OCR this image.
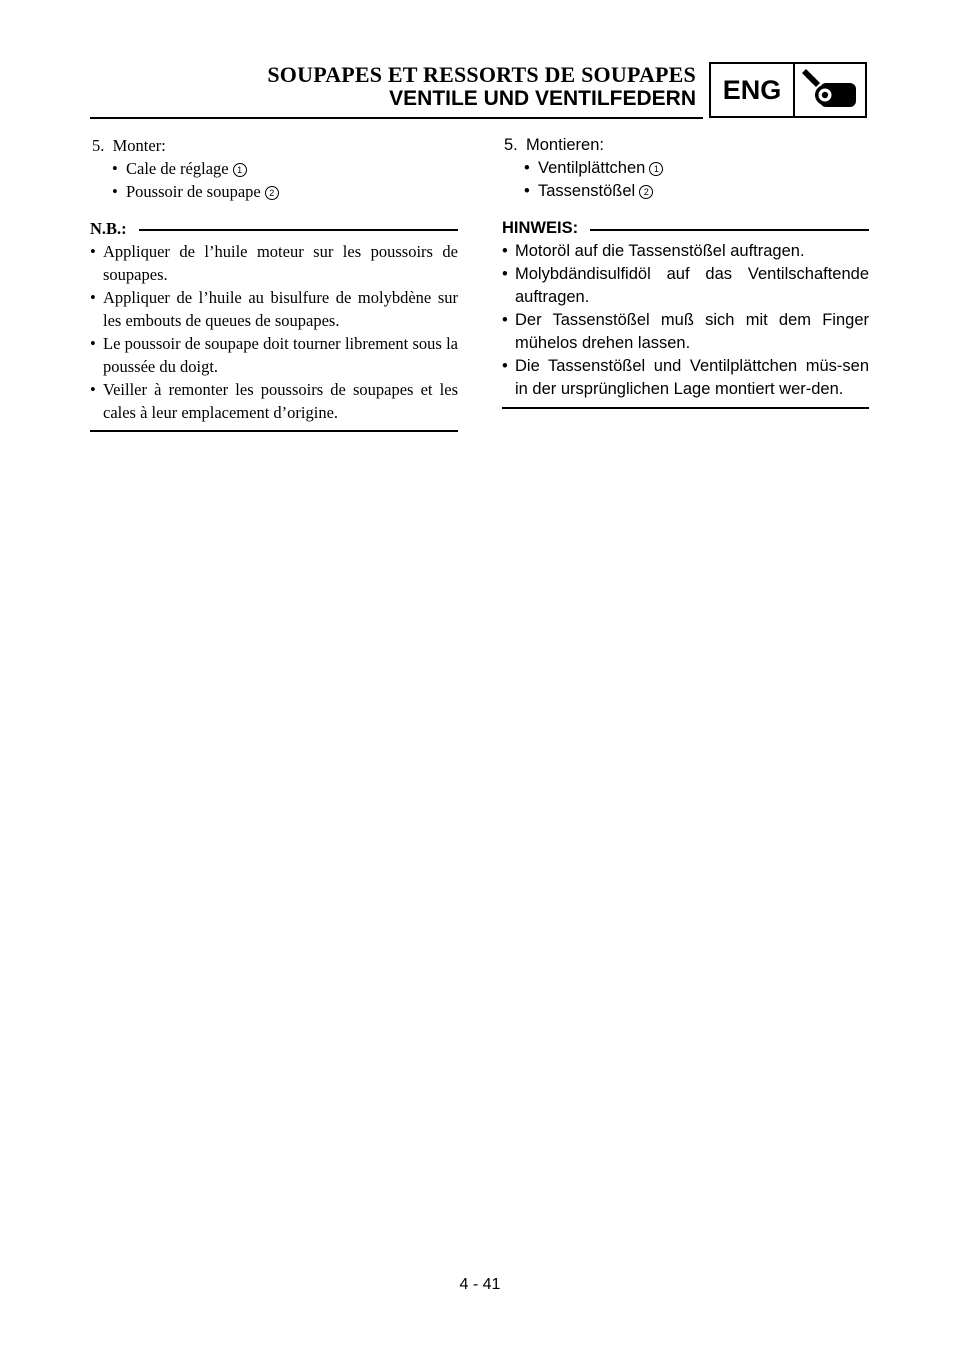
SOUPAPES ET RESSORTS DE SOUPAPES
VENTILE UND VENTILFEDERN ENG

5. Monter:

• Cale de réglage 1

• Poussoir de soupape 2

N.B.:

• Appliquer de l’huile moteur sur les poussoirs de soupapes.

• Appliquer de l’huile au bisulfure de molybdène sur les embouts de queues de soupapes.

• Le poussoir de soupape doit tourner librement sous la poussée du doigt.

• Veiller à remonter les poussoirs de soupapes et les cales à leur emplacement d’origine.

5. Montieren:

• Ventilplättchen 1

• Tassenstößel 2

HINWEIS:

• Motoröl auf die Tassenstößel auftragen.

• Molybdändisulfidöl auf das Ventilschaftende auftragen.

• Der Tassenstößel muß sich mit dem Finger mühelos drehen lassen.

• Die Tassenstößel und Ventilplättchen müs-sen in der ursprünglichen Lage montiert wer-den.

4 - 41
